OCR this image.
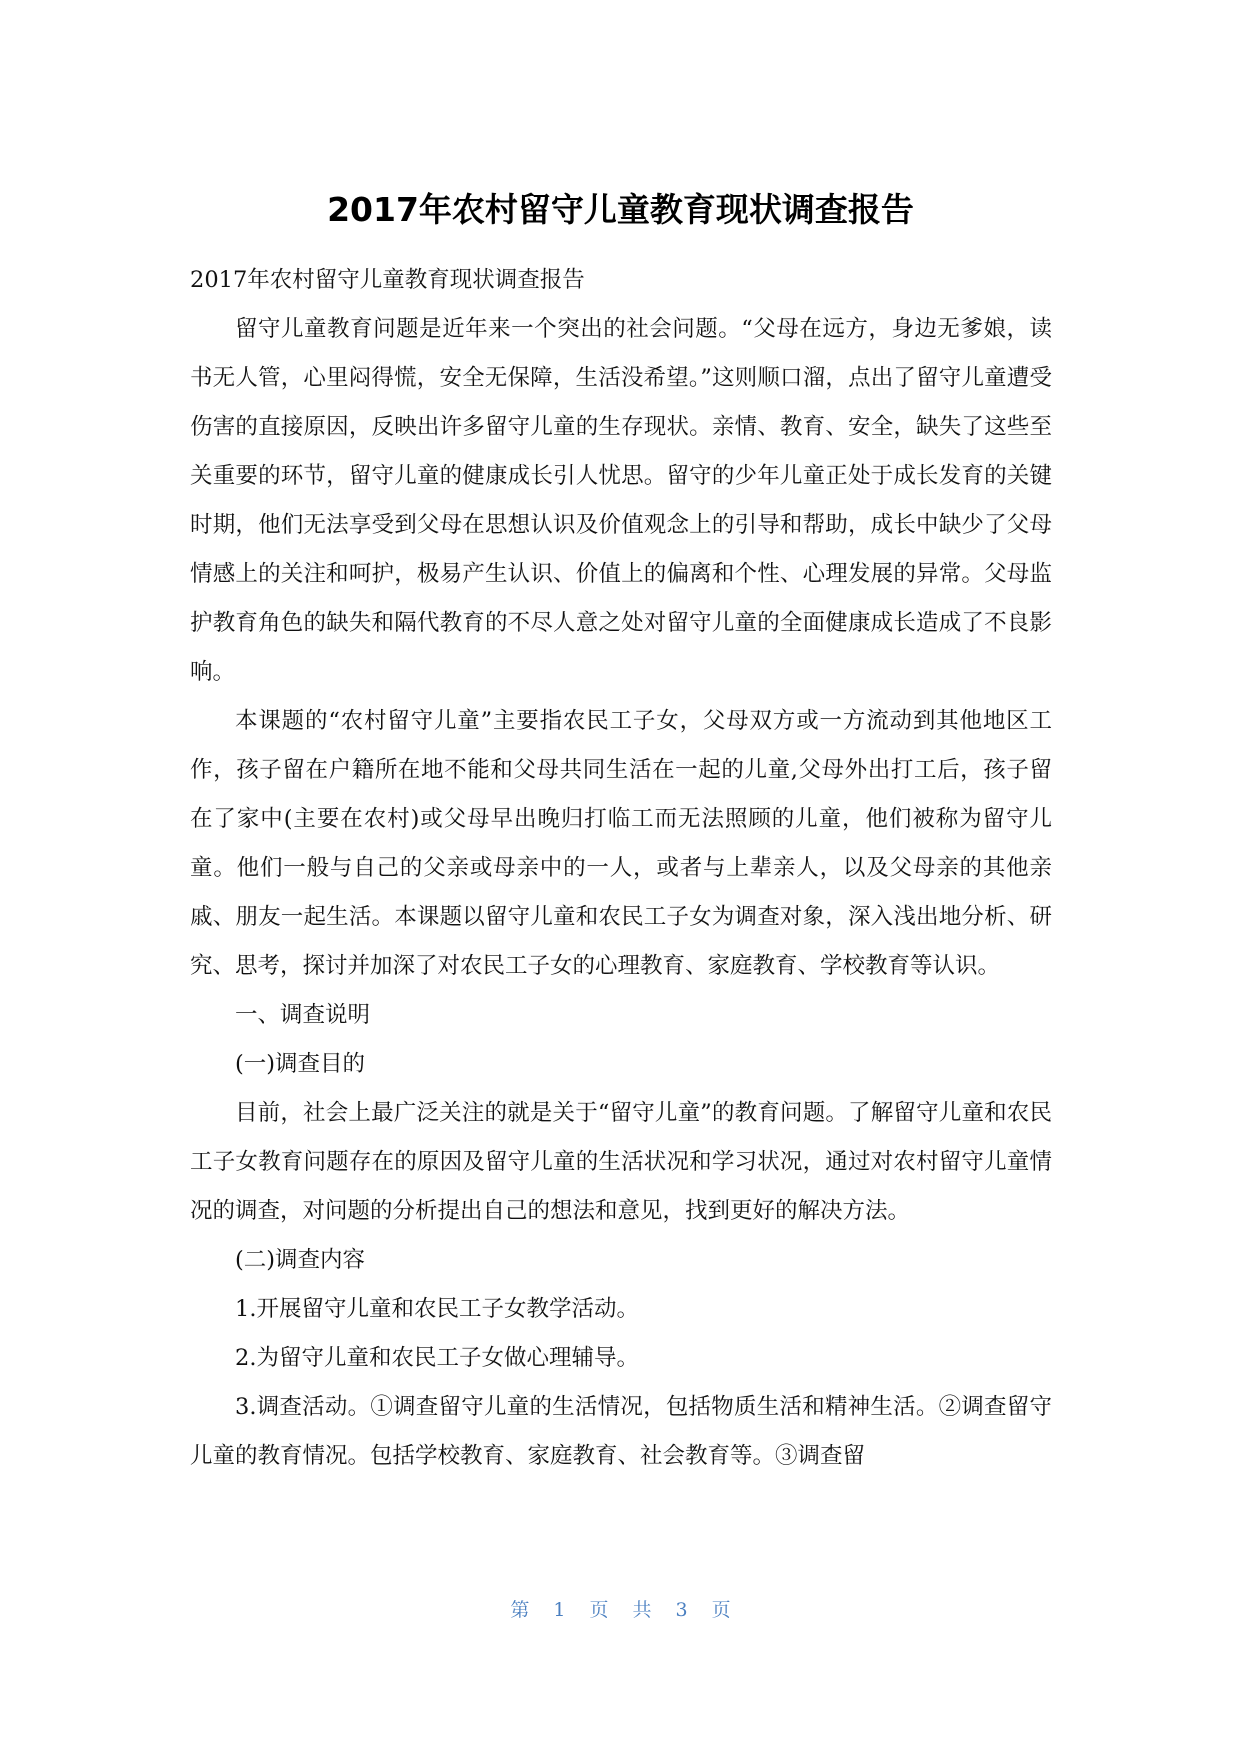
2017年农村留守儿童教育现状调查报告

2017年农村留守儿童教育现状调查报告

留守儿童教育问题是近年来一个突出的社会问题。“父母在远方，身边无爹娘，读书无人管，心里闷得慌，安全无保障，生活没希望。”这则顺口溜，点出了留守儿童遭受伤害的直接原因，反映出许多留守儿童的生存现状。亲情、教育、安全，缺失了这些至关重要的环节，留守儿童的健康成长引人忧思。留守的少年儿童正处于成长发育的关键时期，他们无法享受到父母在思想认识及价值观念上的引导和帮助，成长中缺少了父母情感上的关注和呵护，极易产生认识、价值上的偏离和个性、心理发展的异常。父母监护教育角色的缺失和隔代教育的不尽人意之处对留守儿童的全面健康成长造成了不良影响。

本课题的“农村留守儿童”主要指农民工子女，父母双方或一方流动到其他地区工作，孩子留在户籍所在地不能和父母共同生活在一起的儿童,父母外出打工后，孩子留在了家中(主要在农村)或父母早出晚归打临工而无法照顾的儿童，他们被称为留守儿童。他们一般与自己的父亲或母亲中的一人，或者与上辈亲人，以及父母亲的其他亲戚、朋友一起生活。本课题以留守儿童和农民工子女为调查对象，深入浅出地分析、研究、思考，探讨并加深了对农民工子女的心理教育、家庭教育、学校教育等认识。

一、调查说明

(一)调查目的

目前，社会上最广泛关注的就是关于“留守儿童”的教育问题。了解留守儿童和农民工子女教育问题存在的原因及留守儿童的生活状况和学习状况，通过对农村留守儿童情况的调查，对问题的分析提出自己的想法和意见，找到更好的解决方法。

(二)调查内容

1.开展留守儿童和农民工子女教学活动。

2.为留守儿童和农民工子女做心理辅导。

3.调查活动。①调查留守儿童的生活情况，包括物质生活和精神生活。②调查留守儿童的教育情况。包括学校教育、家庭教育、社会教育等。③调查留

第 1 页 共 3 页
